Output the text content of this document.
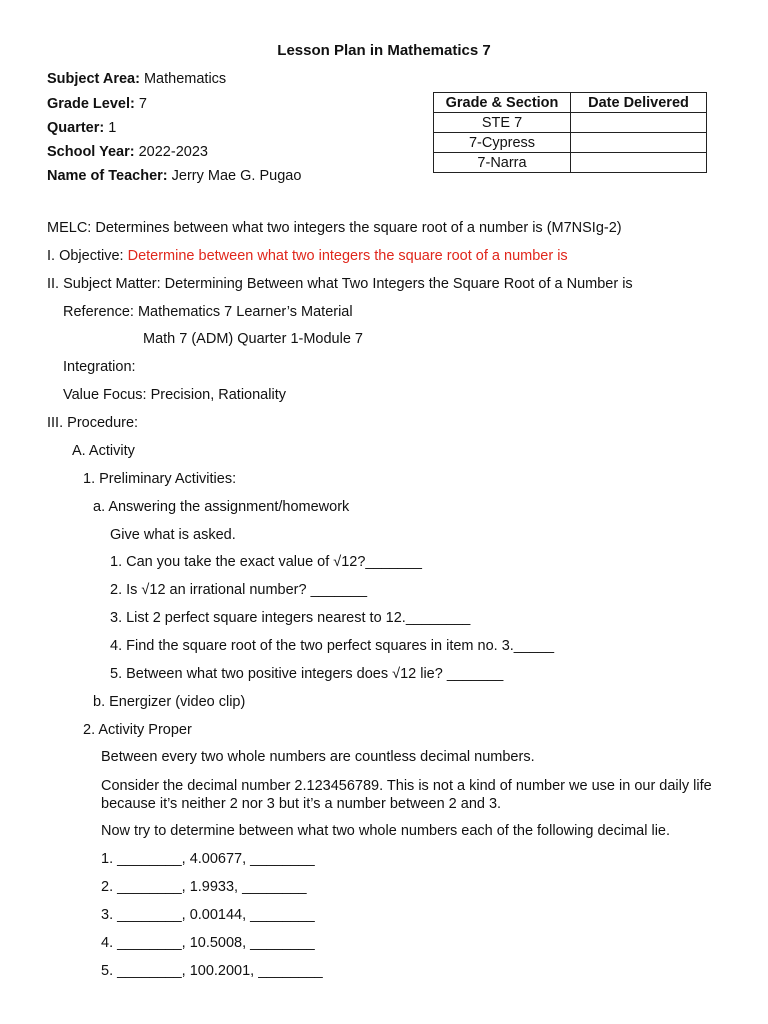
Lesson Plan in Mathematics 7
Subject Area: Mathematics
Grade Level: 7
Quarter: 1
School Year: 2022-2023
Name of Teacher: Jerry Mae G. Pugao
Grade & Section	Date Delivered
STE 7	
7-Cypress	
7-Narra	
MELC: Determines between what two integers the square root of a number is (M7NSIg-2)
I. Objective: Determine between what two integers the square root of a number is
II. Subject Matter: Determining Between what Two Integers the Square Root of a Number is
Reference: Mathematics 7 Learner’s Material
Math 7 (ADM) Quarter 1-Module 7
Integration:
Value Focus: Precision, Rationality
III. Procedure:
A. Activity
1. Preliminary Activities:
a. Answering the assignment/homework
Give what is asked.
1. Can you take the exact value of √12?_______
2. Is √12 an irrational number? _______
3. List 2 perfect square integers nearest to 12.________
4. Find the square root of the two perfect squares in item no. 3._____
5. Between what two positive integers does √12 lie? _______
b. Energizer (video clip)
2. Activity Proper
Between every two whole numbers are countless decimal numbers.
Consider the decimal number 2.123456789. This is not a kind of number we use in our daily life because it’s neither 2 nor 3 but it’s a number between 2 and 3.
Now try to determine between what two whole numbers each of the following decimal lie.
1. ________, 4.00677, ________
2. ________, 1.9933, ________
3. ________, 0.00144, ________
4. ________, 10.5008, ________
5. ________, 100.2001, ________
